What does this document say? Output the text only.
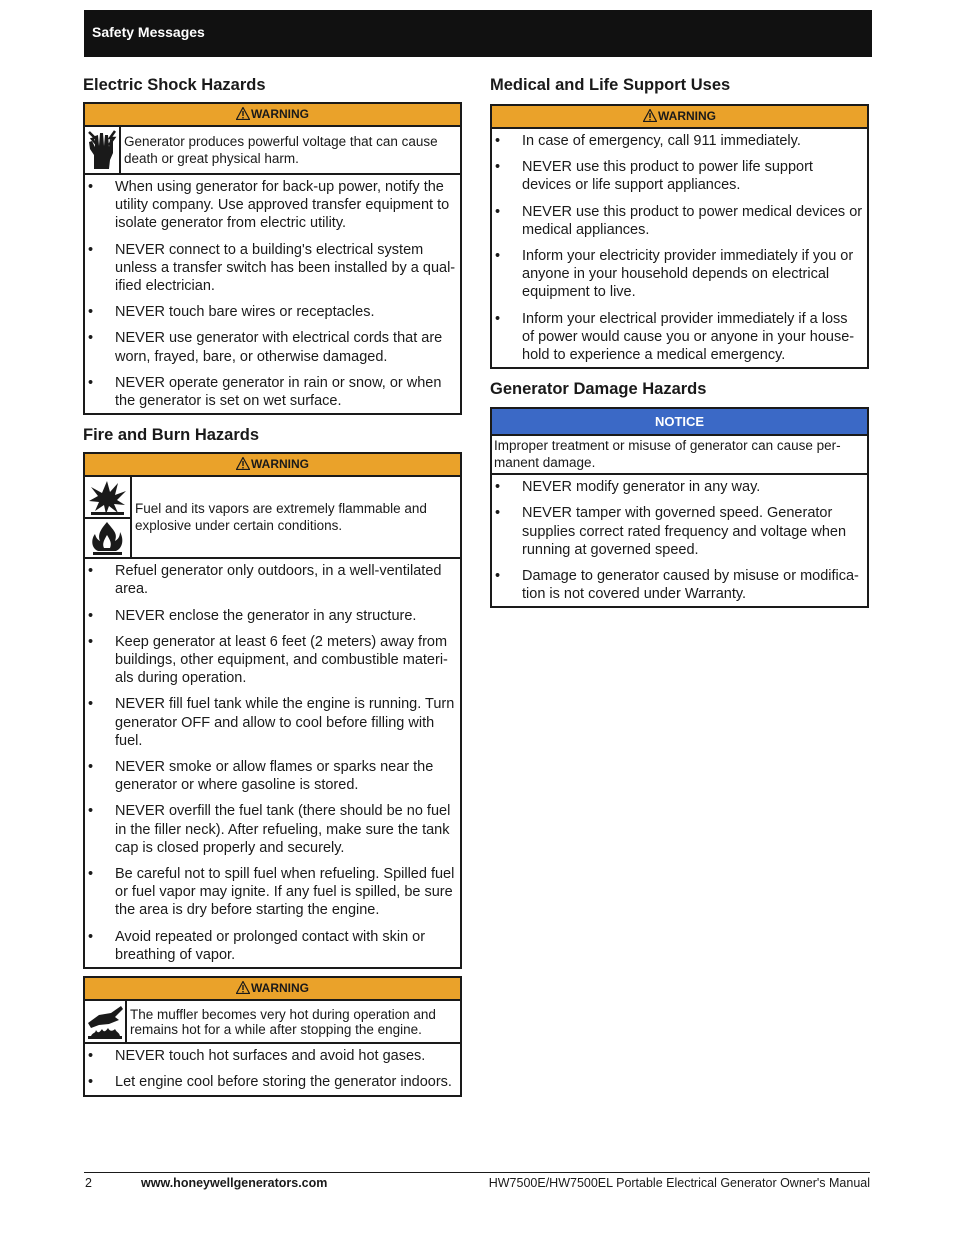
Safety Messages
Electric Shock Hazards
WARNING
Generator produces powerful voltage that can cause death or great physical harm.
• When using generator for back-up power, notify the utility company. Use approved transfer equipment to isolate generator from electric utility.
• NEVER connect to a building's electrical system unless a transfer switch has been installed by a qual-ified electrician.
• NEVER touch bare wires or receptacles.
• NEVER use generator with electrical cords that are worn, frayed, bare, or otherwise damaged.
• NEVER operate generator in rain or snow, or when the generator is set on wet surface.
Fire and Burn Hazards
WARNING
Fuel and its vapors are extremely flammable and explosive under certain conditions.
• Refuel generator only outdoors, in a well-ventilated area.
• NEVER enclose the generator in any structure.
• Keep generator at least 6 feet (2 meters) away from buildings, other equipment, and combustible materi-als during operation.
• NEVER fill fuel tank while the engine is running. Turn generator OFF and allow to cool before filling with fuel.
• NEVER smoke or allow flames or sparks near the generator or where gasoline is stored.
• NEVER overfill the fuel tank (there should be no fuel in the filler neck). After refueling, make sure the tank cap is closed properly and securely.
• Be careful not to spill fuel when refueling. Spilled fuel or fuel vapor may ignite. If any fuel is spilled, be sure the area is dry before starting the engine.
• Avoid repeated or prolonged contact with skin or breathing of vapor.
WARNING
The muffler becomes very hot during operation and remains hot for a while after stopping the engine.
• NEVER touch hot surfaces and avoid hot gases.
• Let engine cool before storing the generator indoors.
Medical and Life Support Uses
WARNING
• In case of emergency, call 911 immediately.
• NEVER use this product to power life support devices or life support appliances.
• NEVER use this product to power medical devices or medical appliances.
• Inform your electricity provider immediately if you or anyone in your household depends on electrical equipment to live.
• Inform your electrical provider immediately if a loss of power would cause you or anyone in your house-hold to experience a medical emergency.
Generator Damage Hazards
NOTICE
Improper treatment or misuse of generator can cause per-manent damage.
• NEVER modify generator in any way.
• NEVER tamper with governed speed. Generator supplies correct rated frequency and voltage when running at governed speed.
• Damage to generator caused by misuse or modifica-tion is not covered under Warranty.
2	www.honeywellgenerators.com	HW7500E/HW7500EL Portable Electrical Generator Owner's Manual
